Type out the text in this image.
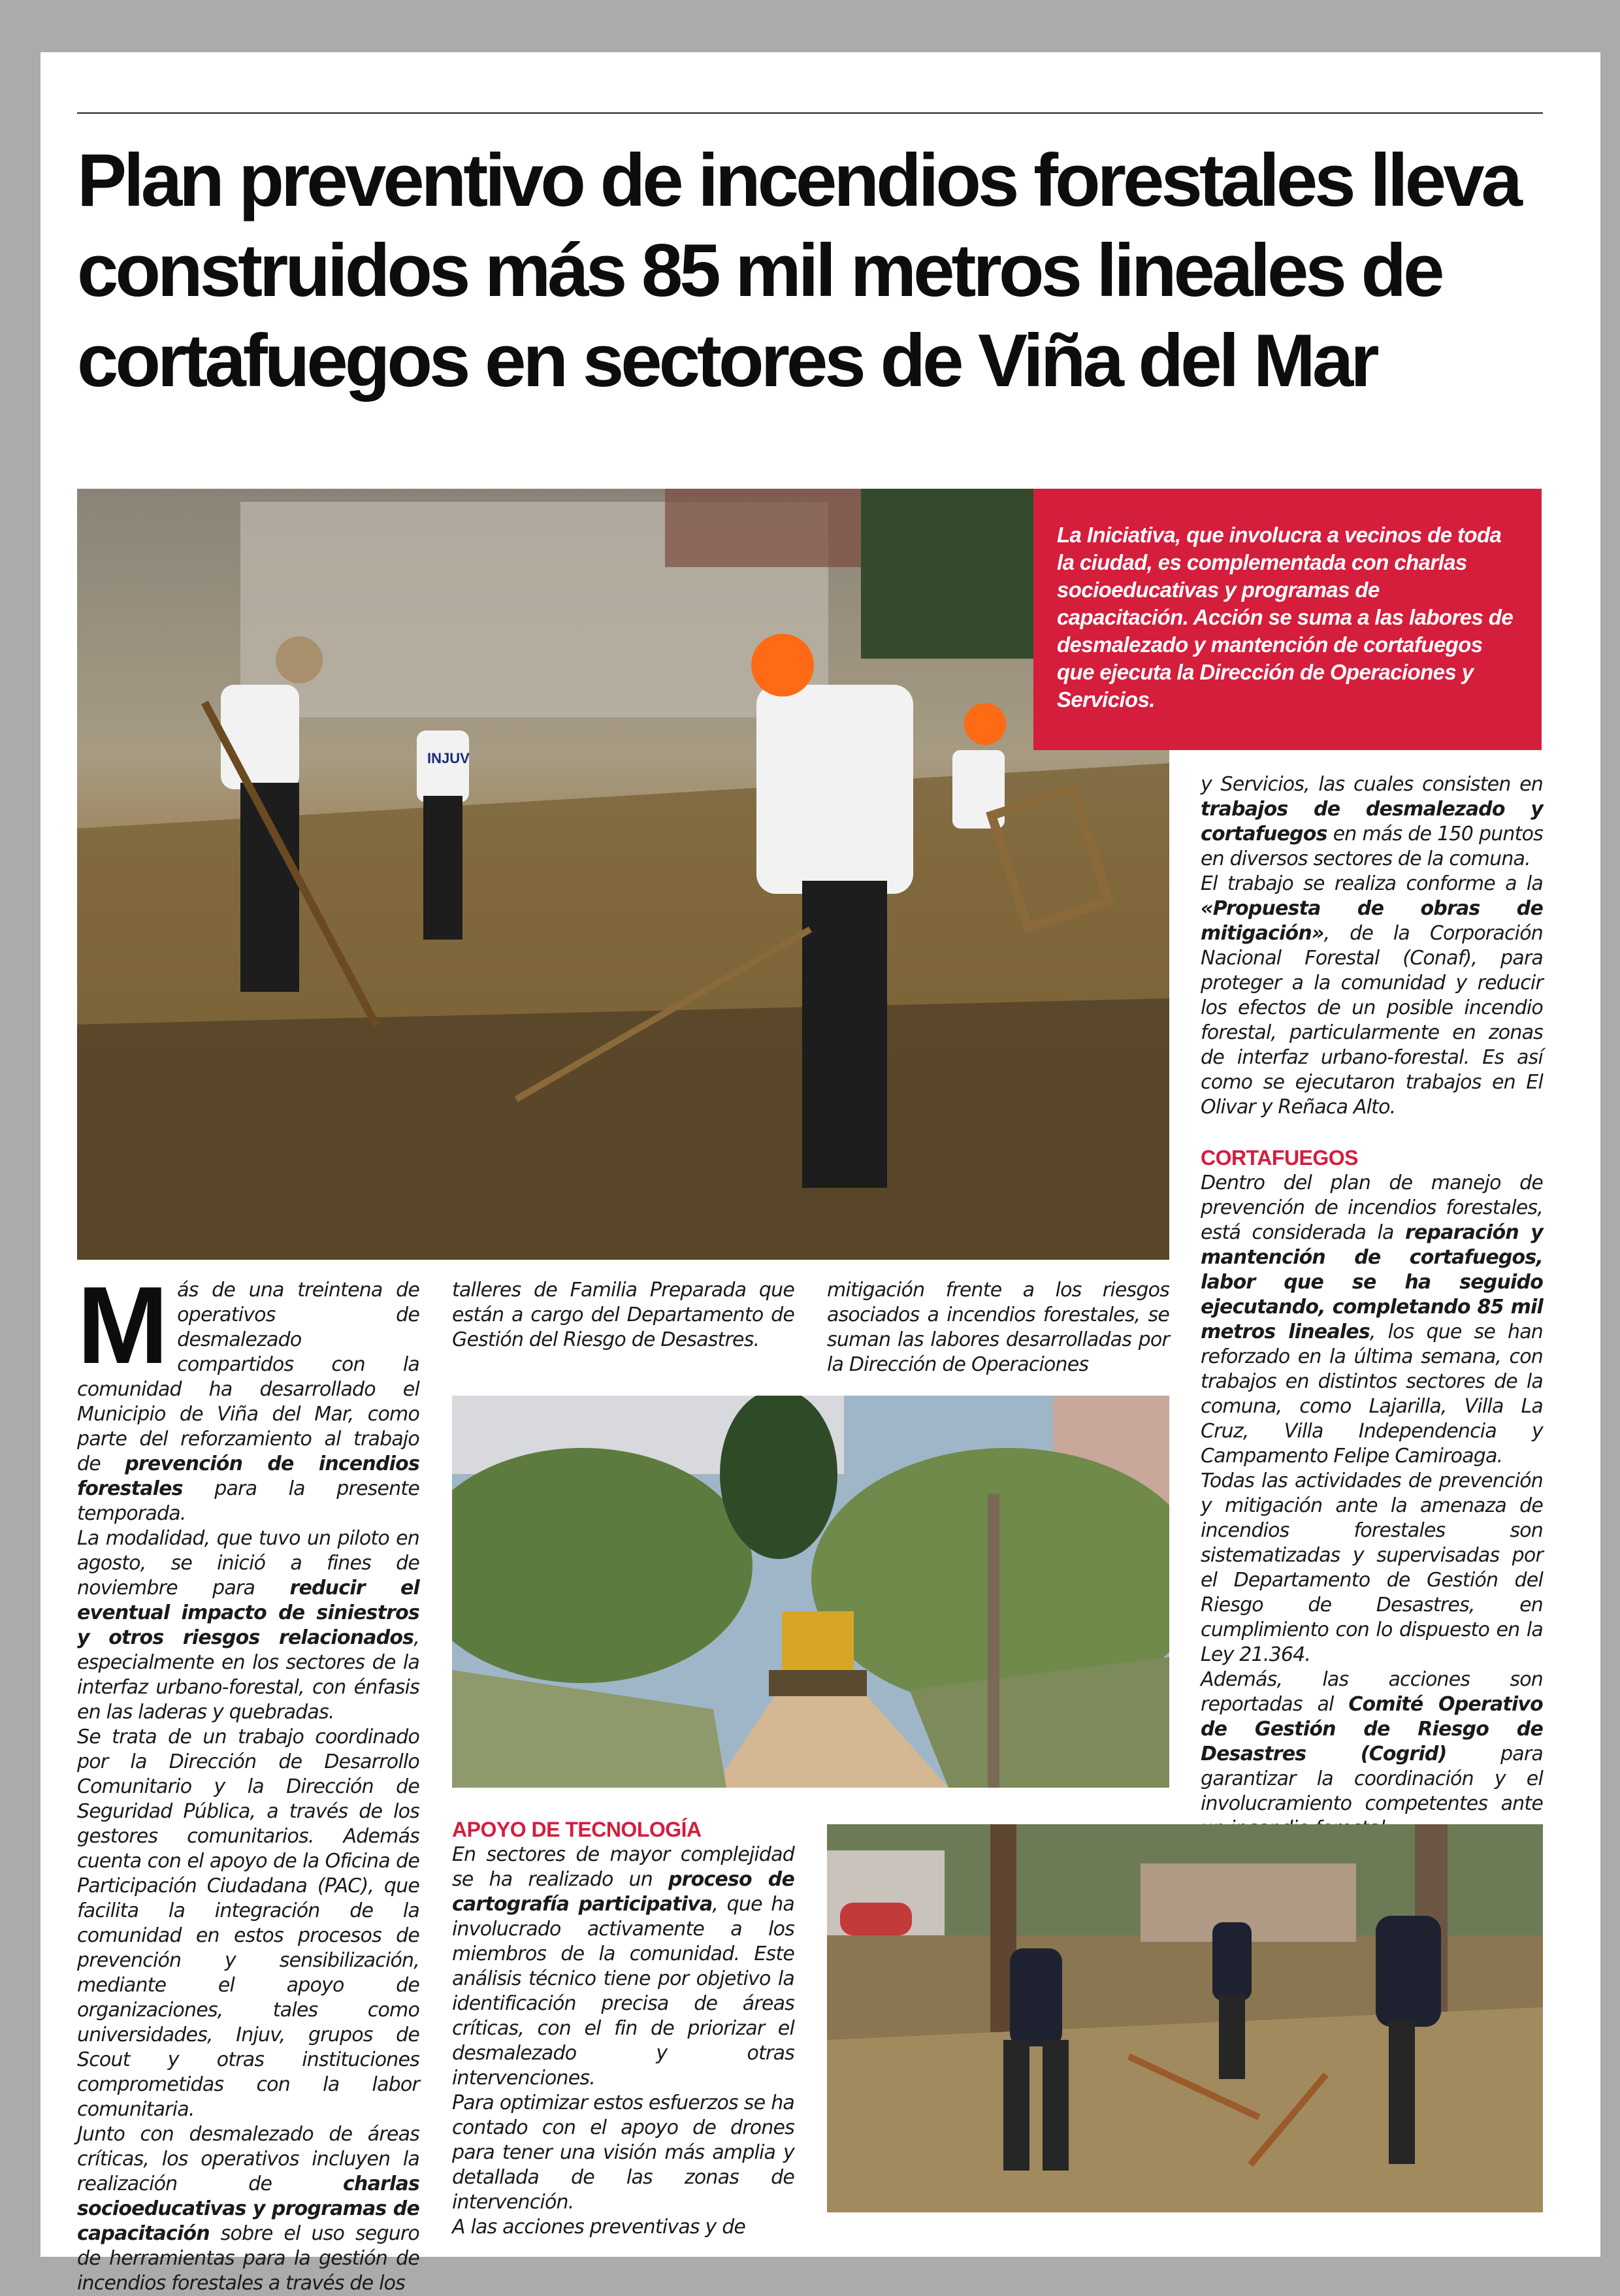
Plan preventivo de incendios forestales lleva construidos más 85 mil metros lineales de cortafuegos en sectores de Viña del Mar
INJUV
La Iniciativa, que involucra a vecinos de toda la ciudad, es complementada con charlas socioeducativas y programas de capacitación. Acción se suma a las labores de desmalezado y mantención de cortafuegos que ejecuta la Dirección de Operaciones y Servicios.

Más de una treintena de operativos de desmalezado compartidos con la comunidad ha desarrollado el Municipio de Viña del Mar, como parte del reforzamiento al trabajo de prevención de incendios forestales para la presente temporada.

La modalidad, que tuvo un piloto en agosto, se inició a fines de noviembre para reducir el eventual impacto de siniestros y otros riesgos relacionados, especialmente en los sectores de la interfaz urbano-forestal, con énfasis en las laderas y quebradas.

Se trata de un trabajo coordinado por la Dirección de Desarrollo Comunitario y la Dirección de Seguridad Pública, a través de los gestores comunitarios. Además cuenta con el apoyo de la Oficina de Participación Ciudadana (PAC), que facilita la integración de la comunidad en estos procesos de prevención y sensibilización, mediante el apoyo de organizaciones, tales como universidades, Injuv, grupos de Scout y otras instituciones comprometidas con la labor comunitaria.

Junto con desmalezado de áreas críticas, los operativos incluyen la realización de charlas socioeducativas y programas de capacitación sobre el uso seguro de herramientas para la gestión de incendios forestales a través de los

talleres de Familia Preparada que están a cargo del Departamento de Gestión del Riesgo de Desastres.

mitigación frente a los riesgos asociados a incendios forestales, se suman las labores desarrolladas por la Dirección de Operaciones

APOYO DE TECNOLOGÍA

En sectores de mayor complejidad se ha realizado un proceso de cartografía participativa, que ha involucrado activamente a los miembros de la comunidad. Este análisis técnico tiene por objetivo la identificación precisa de áreas críticas, con el fin de priorizar el desmalezado y otras intervenciones.

Para optimizar estos esfuerzos se ha contado con el apoyo de drones para tener una visión más amplia y detallada de las zonas de intervención.

A las acciones preventivas y de

y Servicios, las cuales consisten en trabajos de desmalezado y cortafuegos en más de 150 puntos en diversos sectores de la comuna.

El trabajo se realiza conforme a la «Propuesta de obras de mitigación», de la Corporación Nacional Forestal (Conaf), para proteger a la comunidad y reducir los efectos de un posible incendio forestal, particularmente en zonas de interfaz urbano-forestal. Es así como se ejecutaron trabajos en El Olivar y Reñaca Alto.

CORTAFUEGOS

Dentro del plan de manejo de prevención de incendios forestales, está considerada la reparación y mantención de cortafuegos, labor que se ha seguido ejecutando, completando 85 mil metros lineales, los que se han reforzado en la última semana, con trabajos en distintos sectores de la comuna, como Lajarilla, Villa La Cruz, Villa Independencia y Campamento Felipe Camiroaga.

Todas las actividades de prevención y mitigación ante la amenaza de incendios forestales son sistematizadas y supervisadas por el Departamento de Gestión del Riesgo de Desastres, en cumplimiento con lo dispuesto en la Ley 21.364.

Además, las acciones son reportadas al Comité Operativo de Gestión de Riesgo de Desastres (Cogrid)	para garantizar la coordinación y el involucramiento competentes ante
